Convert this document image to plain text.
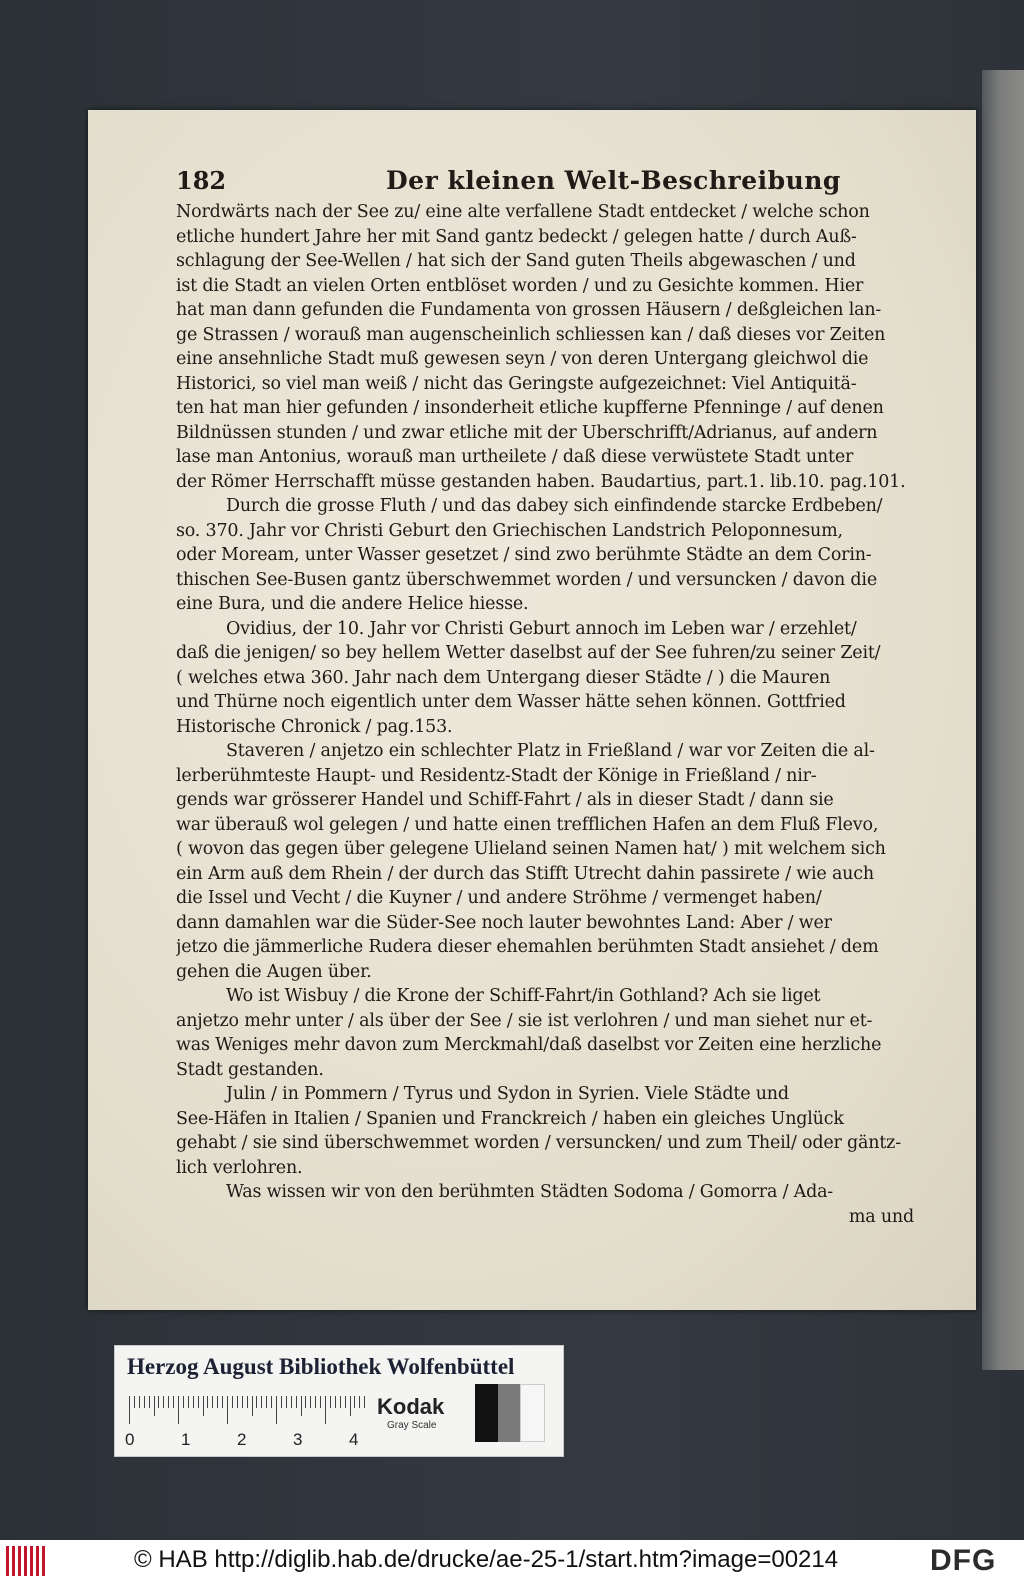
182	Der kleinen Welt-Beschreibung
Nordwärts nach der See zu/ eine alte verfallene Stadt entdecket / welche schon
etliche hundert Jahre her mit Sand gantz bedeckt / gelegen hatte / durch Auß-
schlagung der See-Wellen / hat sich der Sand guten Theils abgewaschen / und
ist die Stadt an vielen Orten entblöset worden / und zu Gesichte kommen. Hier
hat man dann gefunden die Fundamenta von grossen Häusern / deßgleichen lan-
ge Strassen / worauß man augenscheinlich schliessen kan / daß dieses vor Zeiten
eine ansehnliche Stadt muß gewesen seyn / von deren Untergang gleichwol die
Historici, so viel man weiß / nicht das Geringste aufgezeichnet: Viel Antiquitä-
ten hat man hier gefunden / insonderheit etliche kupfferne Pfenninge / auf denen
Bildnüssen stunden / und zwar etliche mit der Uberschrifft/Adrianus, auf andern
lase man Antonius, worauß man urtheilete / daß diese verwüstete Stadt unter
der Römer Herrschafft müsse gestanden haben. Baudartius, part.1. lib.10. pag.101.
Durch die grosse Fluth / und das dabey sich einfindende starcke Erdbeben/
so. 370. Jahr vor Christi Geburt den Griechischen Landstrich Peloponnesum,
oder Moream, unter Wasser gesetzet / sind zwo berühmte Städte an dem Corin-
thischen See-Busen gantz überschwemmet worden / und versuncken / davon die
eine Bura, und die andere Helice hiesse.
Ovidius, der 10. Jahr vor Christi Geburt annoch im Leben war / erzehlet/
daß die jenigen/ so bey hellem Wetter daselbst auf der See fuhren/zu seiner Zeit/
( welches etwa 360. Jahr nach dem Untergang dieser Städte / ) die Mauren
und Thürne noch eigentlich unter dem Wasser hätte sehen können. Gottfried
Historische Chronick / pag.153.
Staveren / anjetzo ein schlechter Platz in Frießland / war vor Zeiten die al-
lerberühmteste Haupt- und Residentz-Stadt der Könige in Frießland / nir-
gends war grösserer Handel und Schiff-Fahrt / als in dieser Stadt / dann sie
war überauß wol gelegen / und hatte einen trefflichen Hafen an dem Fluß Flevo,
( wovon das gegen über gelegene Ulieland seinen Namen hat/ ) mit welchem sich
ein Arm auß dem Rhein / der durch das Stifft Utrecht dahin passirete / wie auch
die Issel und Vecht / die Kuyner / und andere Ströhme / vermenget haben/
dann damahlen war die Süder-See noch lauter bewohntes Land: Aber / wer
jetzo die jämmerliche Rudera dieser ehemahlen berühmten Stadt ansiehet / dem
gehen die Augen über.
Wo ist Wisbuy / die Krone der Schiff-Fahrt/in Gothland? Ach sie liget
anjetzo mehr unter / als über der See / sie ist verlohren / und man siehet nur et-
was Weniges mehr davon zum Merckmahl/daß daselbst vor Zeiten eine herzliche
Stadt gestanden.
Julin / in Pommern / Tyrus und Sydon in Syrien. Viele Städte und
See-Häfen in Italien / Spanien und Franckreich / haben ein gleiches Unglück
gehabt / sie sind überschwemmet worden / versuncken/ und zum Theil/ oder gäntz-
lich verlohren.
Was wissen wir von den berühmten Städten Sodoma / Gomorra / Ada-
ma und
Herzog August Bibliothek Wolfenbüttel
0	1	2	3	4
Kodak
Gray Scale
© HAB http://diglib.hab.de/drucke/ae-25-1/start.htm?image=00214	DFG
